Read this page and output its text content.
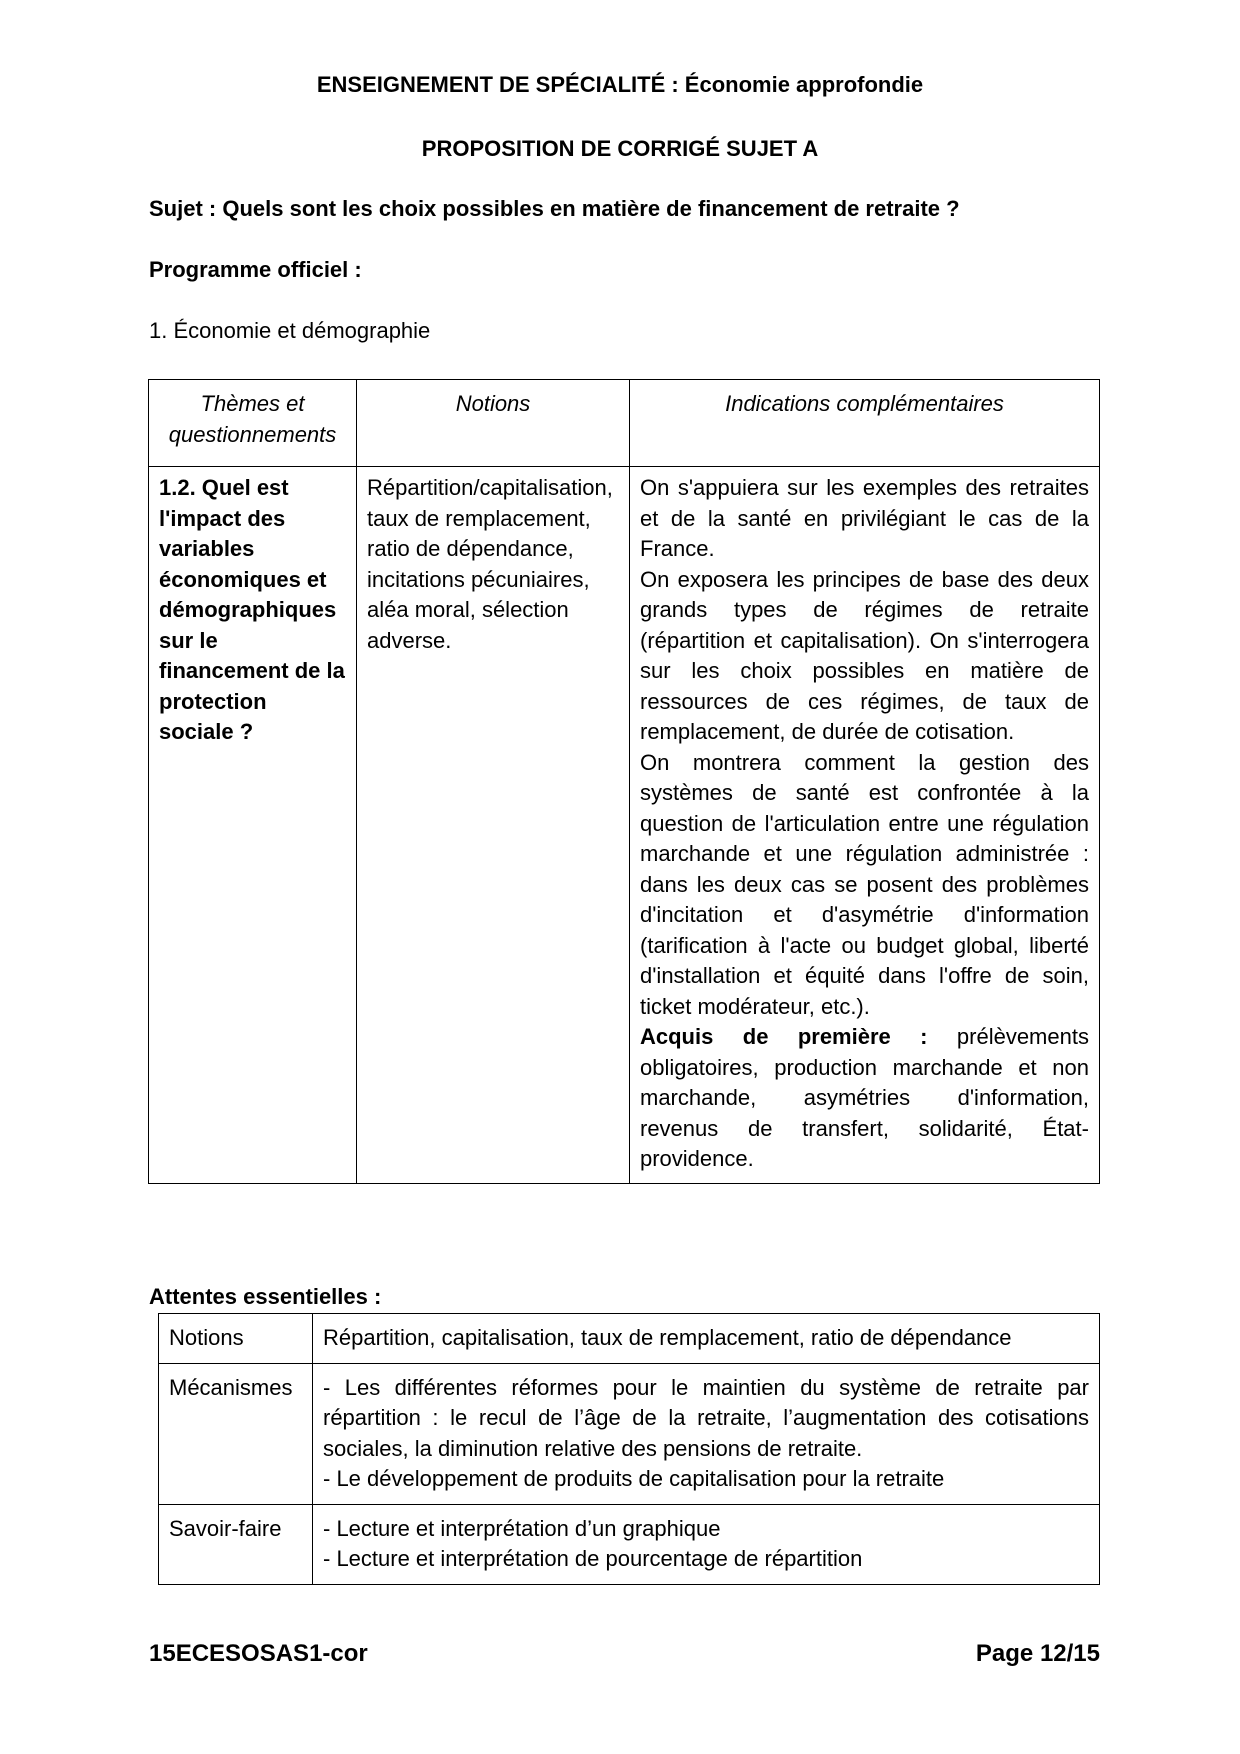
ENSEIGNEMENT DE SPÉCIALITÉ : Économie approfondie
PROPOSITION DE CORRIGÉ SUJET A
Sujet : Quels sont les choix possibles en matière de financement de retraite ?
Programme officiel :
1. Économie et démographie
Thèmes et questionnements	Notions	Indications complémentaires
1.2. Quel est l'impact des variables économiques et démographiques sur le financement de la protection sociale ?	Répartition/capitalisation, taux de remplacement, ratio de dépendance, incitations pécuniaires, aléa moral, sélection adverse.	On s'appuiera sur les exemples des retraites et de la santé en privilégiant le cas de la France.
On exposera les principes de base des deux grands types de régimes de retraite (répartition et capitalisation). On s'interrogera sur les choix possibles en matière de ressources de ces régimes, de taux de remplacement, de durée de cotisation.
On montrera comment la gestion des systèmes de santé est confrontée à la question de l'articulation entre une régulation marchande et une régulation administrée : dans les deux cas se posent des problèmes d'incitation et d'asymétrie d'information (tarification à l'acte ou budget global, liberté d'installation et équité dans l'offre de soin, ticket modérateur, etc.).
Acquis de première : prélèvements obligatoires, production marchande et non marchande, asymétries d'information, revenus de transfert, solidarité, État-providence.
Attentes essentielles :
Notions	Répartition, capitalisation, taux de remplacement, ratio de dépendance

Mécanismes	- Les différentes réformes pour le maintien du système de retraite par répartition : le recul de l’âge de la retraite, l’augmentation des cotisations sociales, la diminution relative des pensions de retraite.
- Le développement de produits de capitalisation pour la retraite

Savoir-faire	- Lecture et interprétation d’un graphique
- Lecture et interprétation de pourcentage de répartition
15ECESOSAS1-cor	Page 12/15
